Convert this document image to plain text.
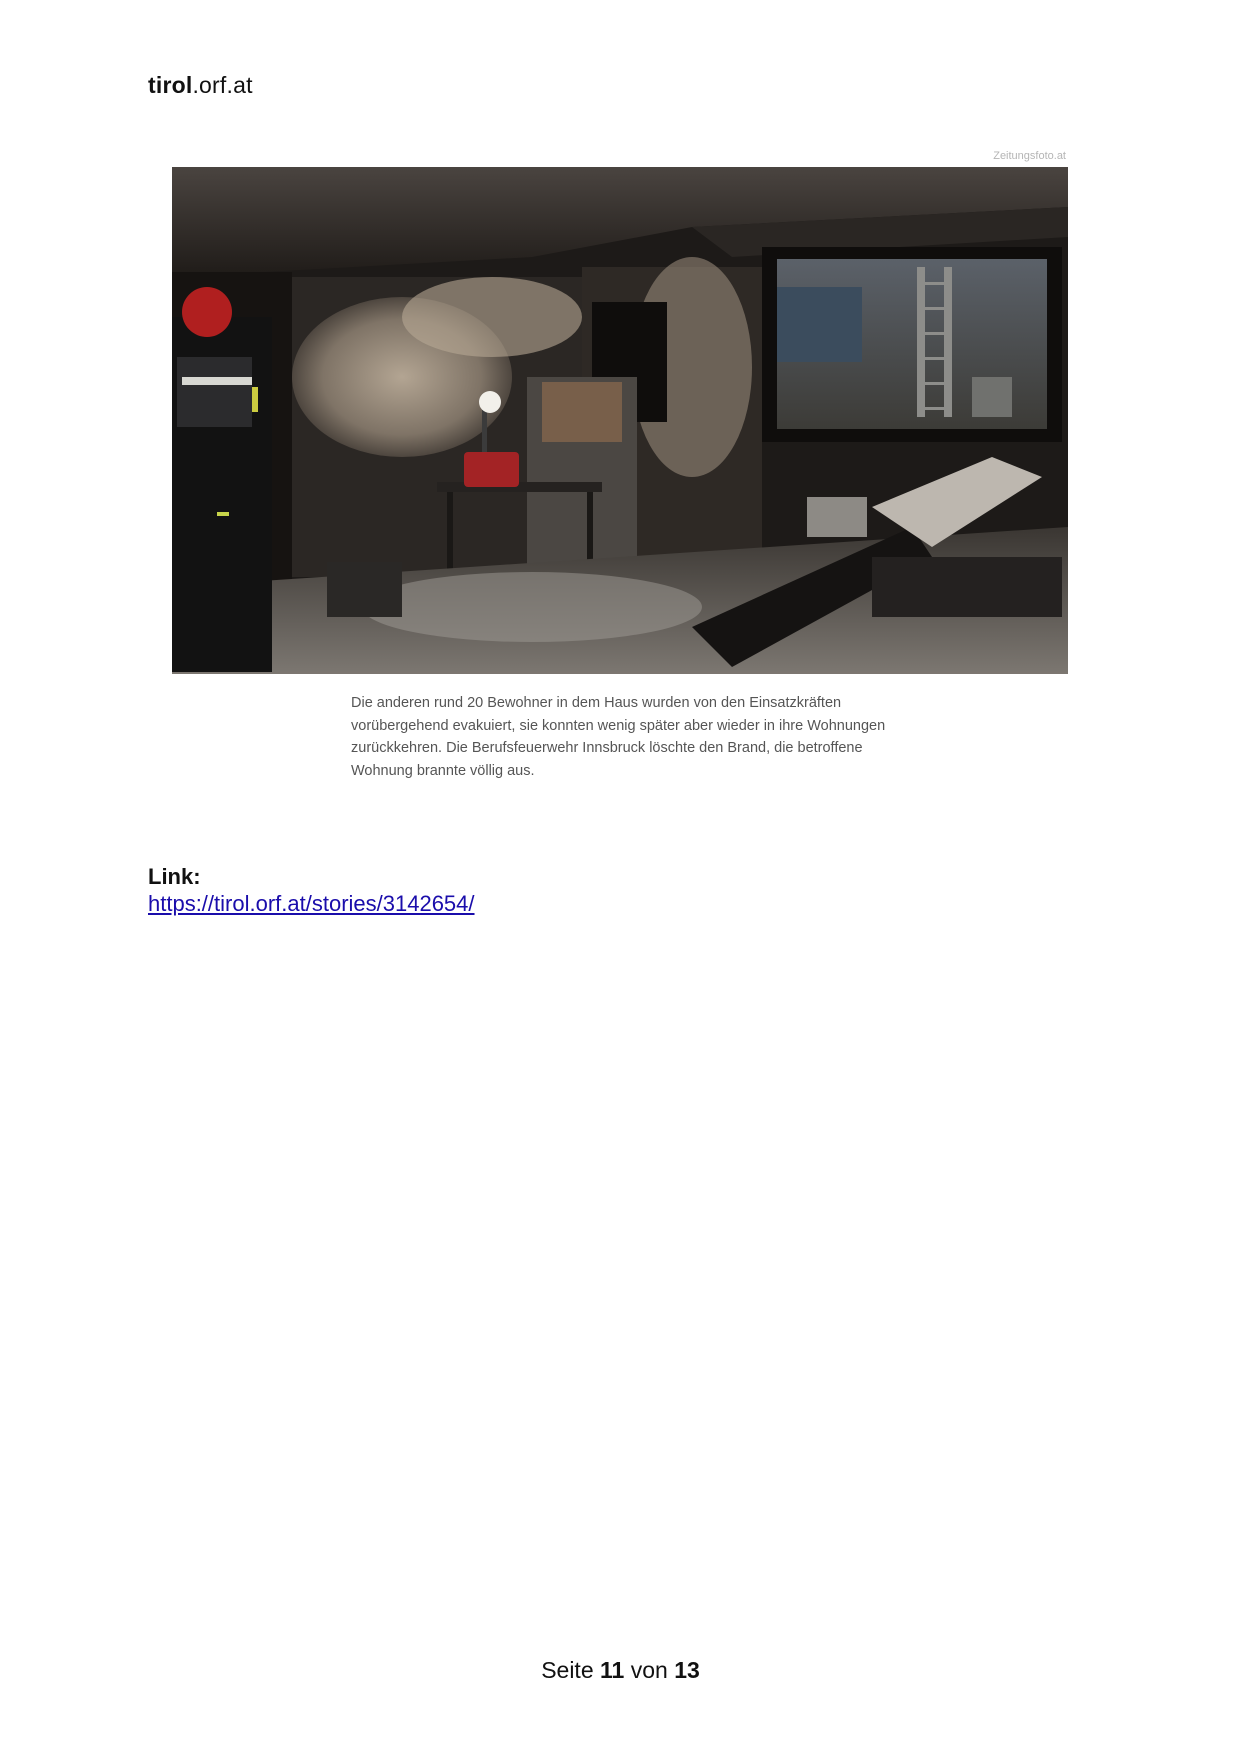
tirol.orf.at
Zeitungsfoto.at
Die anderen rund 20 Bewohner in dem Haus wurden von den Einsatzkräften vorübergehend evakuiert, sie konnten wenig später aber wieder in ihre Wohnungen zurückkehren. Die Berufsfeuerwehr Innsbruck löschte den Brand, die betroffene Wohnung brannte völlig aus.
Link:
https://tirol.orf.at/stories/3142654/
Seite 11 von 13
